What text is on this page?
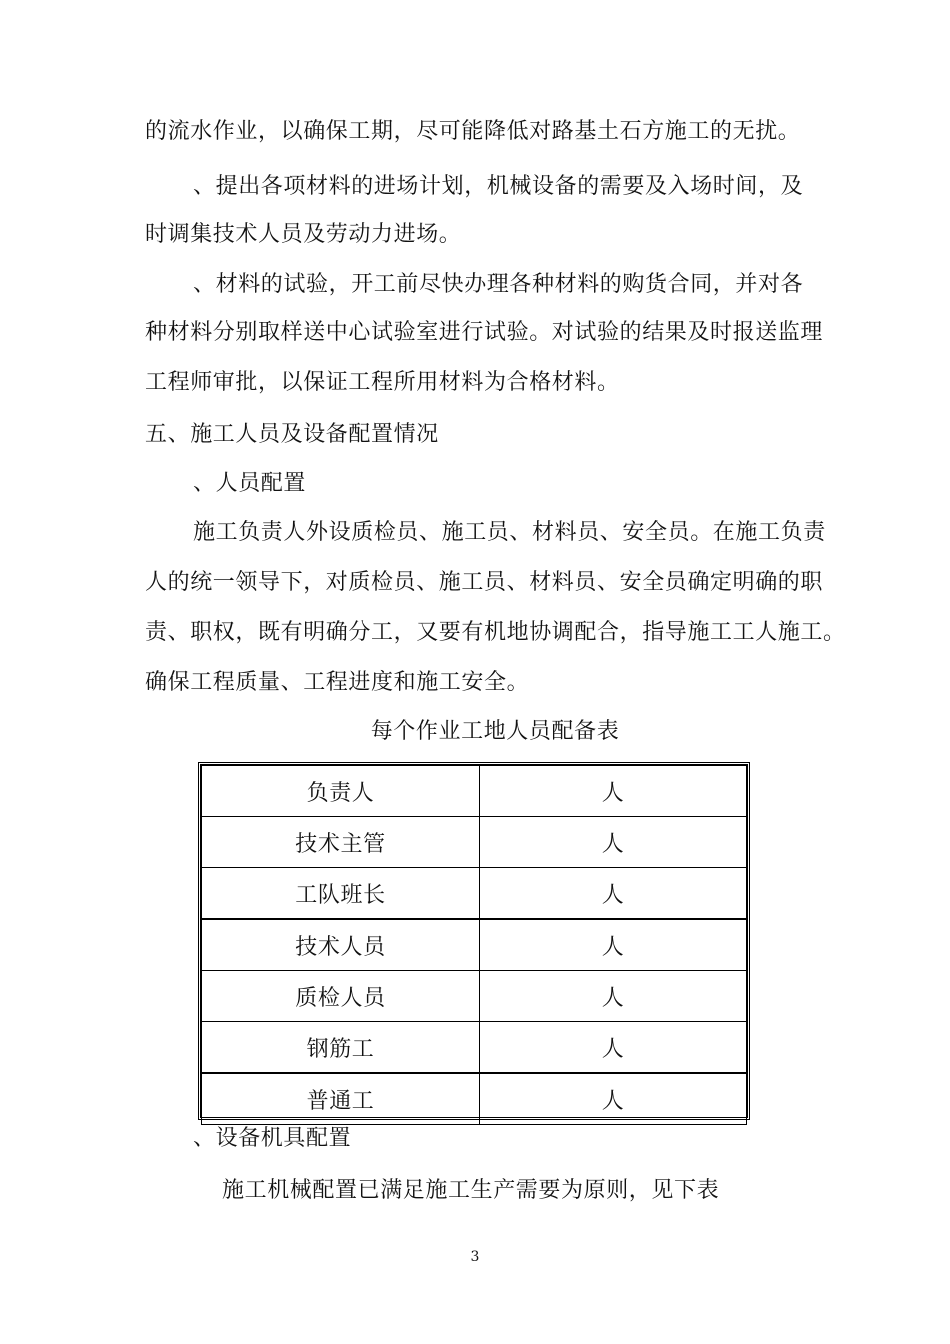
的流水作业，以确保工期，尽可能降低对路基土石方施工的无扰。
、提出各项材料的进场计划，机械设备的需要及入场时间，及
时调集技术人员及劳动力进场。
、材料的试验，开工前尽快办理各种材料的购货合同，并对各
种材料分别取样送中心试验室进行试验。对试验的结果及时报送监理
工程师审批，以保证工程所用材料为合格材料。
五、施工人员及设备配置情况
、人员配置
施工负责人外设质检员、施工员、材料员、安全员。在施工负责
人的统一领导下，对质检员、施工员、材料员、安全员确定明确的职
责、职权，既有明确分工，又要有机地协调配合，指导施工工人施工。
确保工程质量、工程进度和施工安全。
每个作业工地人员配备表
负责人	人
技术主管	人
工队班长	人
技术人员	人
质检人员	人
钢筋工	人
普通工	人
、设备机具配置
施工机械配置已满足施工生产需要为原则，见下表
3
